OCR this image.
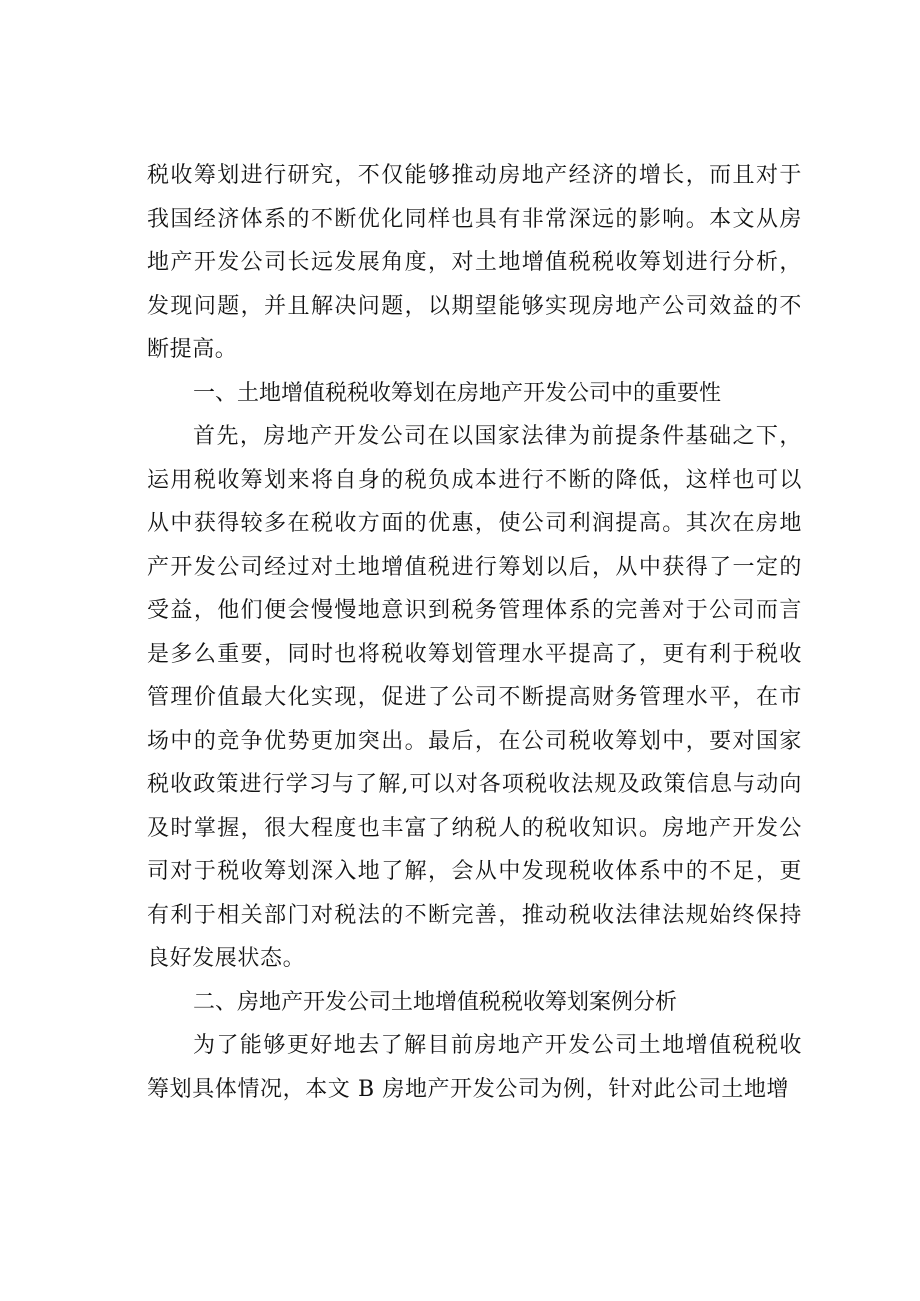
税收筹划进行研究，不仅能够推动房地产经济的增长，而且对于我国经济体系的不断优化同样也具有非常深远的影响。本文从房地产开发公司长远发展角度，对土地增值税税收筹划进行分析，发现问题，并且解决问题，以期望能够实现房地产公司效益的不断提高。

一、土地增值税税收筹划在房地产开发公司中的重要性

首先，房地产开发公司在以国家法律为前提条件基础之下，运用税收筹划来将自身的税负成本进行不断的降低，这样也可以从中获得较多在税收方面的优惠，使公司利润提高。其次在房地产开发公司经过对土地增值税进行筹划以后，从中获得了一定的受益，他们便会慢慢地意识到税务管理体系的完善对于公司而言是多么重要，同时也将税收筹划管理水平提高了，更有利于税收管理价值最大化实现，促进了公司不断提高财务管理水平，在市场中的竞争优势更加突出。最后，在公司税收筹划中，要对国家税收政策进行学习与了解,可以对各项税收法规及政策信息与动向及时掌握，很大程度也丰富了纳税人的税收知识。房地产开发公司对于税收筹划深入地了解，会从中发现税收体系中的不足，更有利于相关部门对税法的不断完善，推动税收法律法规始终保持良好发展状态。

二、房地产开发公司土地增值税税收筹划案例分析

为了能够更好地去了解目前房地产开发公司土地增值税税收筹划具体情况，本文 B 房地产开发公司为例，针对此公司土地增
